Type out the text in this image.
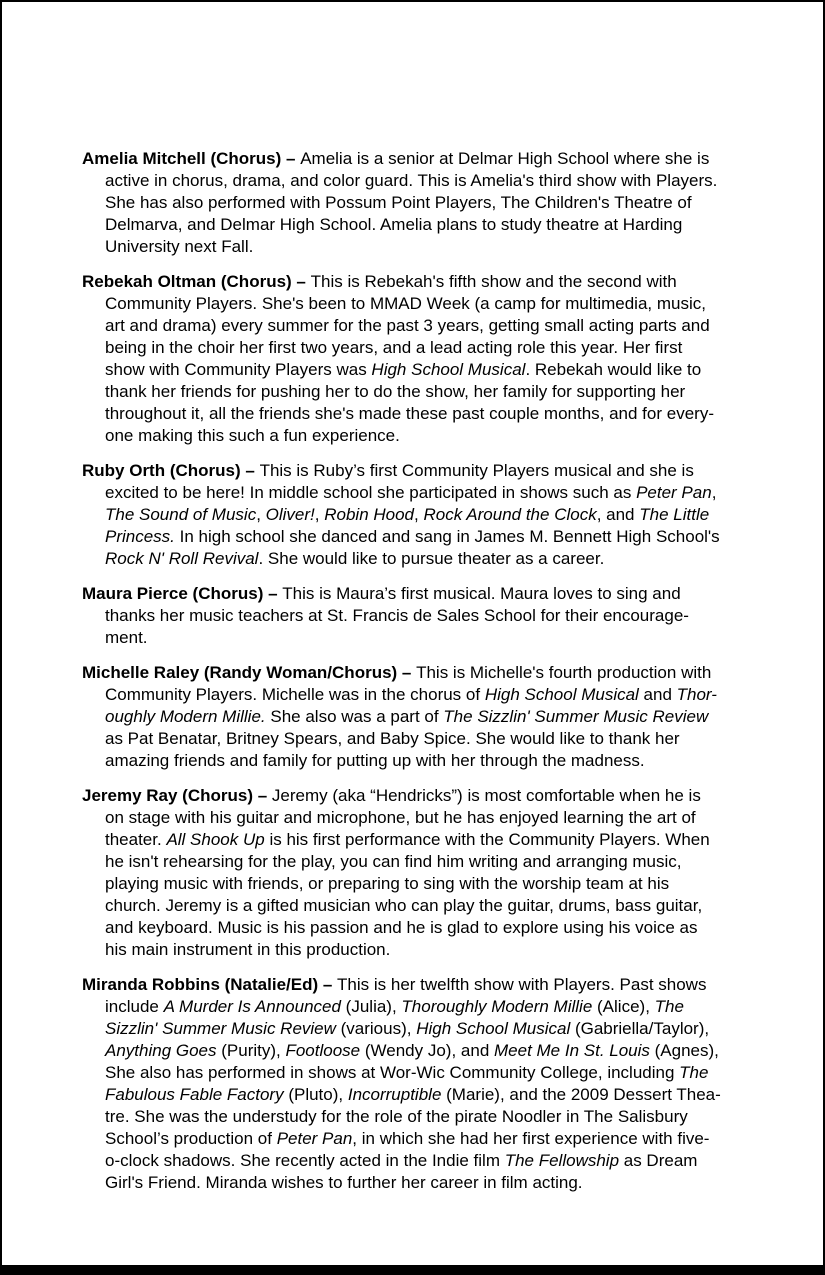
Amelia Mitchell (Chorus) – Amelia is a senior at Delmar High School where she is
active in chorus, drama, and color guard. This is Amelia's third show with Players.
She has also performed with Possum Point Players, The Children's Theatre of
Delmarva, and Delmar High School. Amelia plans to study theatre at Harding
University next Fall.
Rebekah Oltman (Chorus) – This is Rebekah's fifth show and the second with
Community Players. She's been to MMAD Week (a camp for multimedia, music,
art and drama) every summer for the past 3 years, getting small acting parts and
being in the choir her first two years, and a lead acting role this year. Her first
show with Community Players was High School Musical. Rebekah would like to
thank her friends for pushing her to do the show, her family for supporting her
throughout it, all the friends she's made these past couple months, and for every-
one making this such a fun experience.
Ruby Orth (Chorus) – This is Ruby’s first Community Players musical and she is
excited to be here! In middle school she participated in shows such as Peter Pan,
The Sound of Music, Oliver!, Robin Hood, Rock Around the Clock, and The Little
Princess. In high school she danced and sang in James M. Bennett High School's
Rock N' Roll Revival. She would like to pursue theater as a career.
Maura Pierce (Chorus) – This is Maura’s first musical. Maura loves to sing and
thanks her music teachers at St. Francis de Sales School for their encourage-
ment.
Michelle Raley (Randy Woman/Chorus) – This is Michelle's fourth production with
Community Players. Michelle was in the chorus of High School Musical and Thor-
oughly Modern Millie. She also was a part of The Sizzlin' Summer Music Review
as Pat Benatar, Britney Spears, and Baby Spice. She would like to thank her
amazing friends and family for putting up with her through the madness.
Jeremy Ray (Chorus) – Jeremy (aka “Hendricks”) is most comfortable when he is
on stage with his guitar and microphone, but he has enjoyed learning the art of
theater. All Shook Up is his first performance with the Community Players. When
he isn't rehearsing for the play, you can find him writing and arranging music,
playing music with friends, or preparing to sing with the worship team at his
church. Jeremy is a gifted musician who can play the guitar, drums, bass guitar,
and keyboard. Music is his passion and he is glad to explore using his voice as
his main instrument in this production.
Miranda Robbins (Natalie/Ed) – This is her twelfth show with Players. Past shows
include A Murder Is Announced (Julia), Thoroughly Modern Millie (Alice), The
Sizzlin' Summer Music Review (various), High School Musical (Gabriella/Taylor),
Anything Goes (Purity), Footloose (Wendy Jo), and Meet Me In St. Louis (Agnes),
She also has performed in shows at Wor-Wic Community College, including The
Fabulous Fable Factory (Pluto), Incorruptible (Marie), and the 2009 Dessert Thea-
tre. She was the understudy for the role of the pirate Noodler in The Salisbury
School’s production of Peter Pan, in which she had her first experience with five-
o-clock shadows. She recently acted in the Indie film The Fellowship as Dream
Girl's Friend. Miranda wishes to further her career in film acting.
